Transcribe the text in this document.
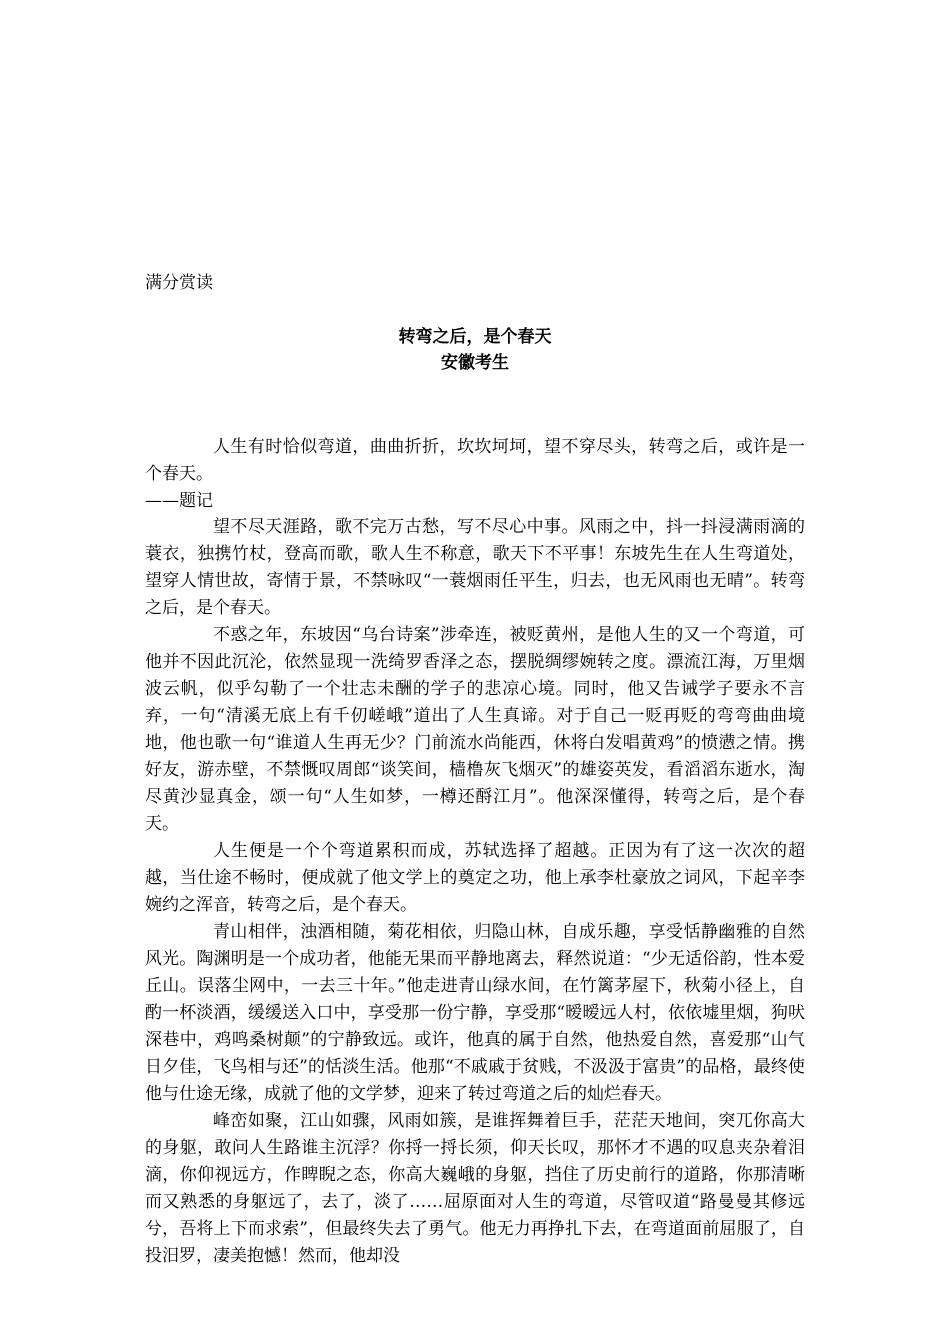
满分赏读

转弯之后，是个春天

安徽考生

人生有时恰似弯道，曲曲折折，坎坎坷坷，望不穿尽头，转弯之后，或许是一个春天。

——题记

望不尽天涯路，歌不完万古愁，写不尽心中事。风雨之中，抖一抖浸满雨滴的蓑衣，独携竹杖，登高而歌，歌人生不称意，歌天下不平事！东坡先生在人生弯道处，望穿人情世故，寄情于景，不禁咏叹“一蓑烟雨任平生，归去，也无风雨也无晴”。转弯之后，是个春天。

不惑之年，东坡因“乌台诗案”涉牵连，被贬黄州，是他人生的又一个弯道，可他并不因此沉沦，依然显现一洗绮罗香泽之态，摆脱绸缪婉转之度。漂流江海，万里烟波云帆，似乎勾勒了一个壮志未酬的学子的悲凉心境。同时，他又告诫学子要永不言弃，一句“清溪无底上有千仞嵯峨”道出了人生真谛。对于自己一贬再贬的弯弯曲曲境地，他也歌一句“谁道人生再无少？门前流水尚能西，休将白发唱黄鸡”的愤懑之情。携好友，游赤壁，不禁慨叹周郎“谈笑间，樯橹灰飞烟灭”的雄姿英发，看滔滔东逝水，淘尽黄沙显真金，颂一句“人生如梦，一樽还酹江月”。他深深懂得，转弯之后，是个春天。

人生便是一个个弯道累积而成，苏轼选择了超越。正因为有了这一次次的超越，当仕途不畅时，便成就了他文学上的奠定之功，他上承李杜豪放之词风，下起辛李婉约之浑音，转弯之后，是个春天。

青山相伴，浊酒相随，菊花相依，归隐山林，自成乐趣，享受恬静幽雅的自然风光。陶渊明是一个成功者，他能无果而平静地离去，释然说道：“少无适俗韵，性本爱丘山。误落尘网中，一去三十年。”他走进青山绿水间，在竹篱茅屋下，秋菊小径上，自酌一杯淡酒，缓缓送入口中，享受那一份宁静，享受那“暧暧远人村，依依墟里烟，狗吠深巷中，鸡鸣桑树颠”的宁静致远。或许，他真的属于自然，他热爱自然，喜爱那“山气日夕佳，飞鸟相与还”的恬淡生活。他那“不戚戚于贫贱，不汲汲于富贵”的品格，最终使他与仕途无缘，成就了他的文学梦，迎来了转过弯道之后的灿烂春天。

峰峦如聚，江山如骤，风雨如簇，是谁挥舞着巨手，茫茫天地间，突兀你高大的身躯，敢问人生路谁主沉浮？你捋一捋长须，仰天长叹，那怀才不遇的叹息夹杂着泪滴，你仰视远方，作睥睨之态，你高大巍峨的身躯，挡住了历史前行的道路，你那清晰而又熟悉的身躯远了，去了，淡了……屈原面对人生的弯道，尽管叹道“路曼曼其修远兮，吾将上下而求索”，但最终失去了勇气。他无力再挣扎下去，在弯道面前屈服了，自投汨罗，凄美抱憾！然而，他却没
